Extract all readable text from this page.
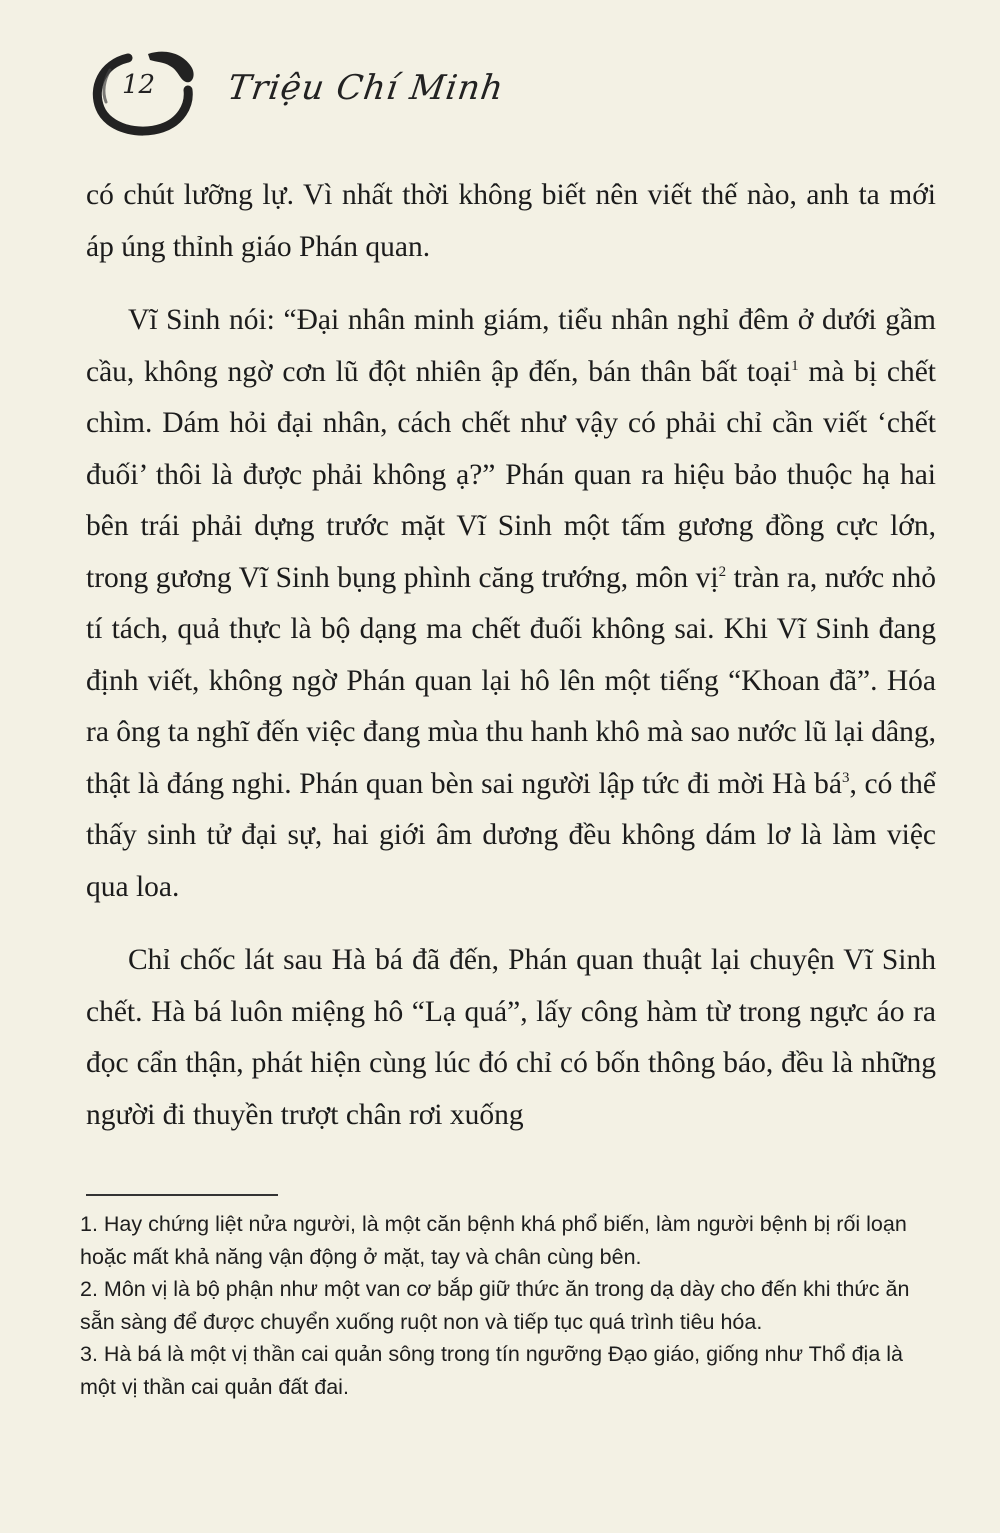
12 Triệu Chí Minh

có chút lưỡng lự. Vì nhất thời không biết nên viết thế nào, anh ta mới áp úng thỉnh giáo Phán quan.

Vĩ Sinh nói: “Đại nhân minh giám, tiểu nhân nghỉ đêm ở dưới gầm cầu, không ngờ cơn lũ đột nhiên ập đến, bán thân bất toại$^1$ mà bị chết chìm. Dám hỏi đại nhân, cách chết như vậy có phải chỉ cần viết ‘chết đuối’ thôi là được phải không ạ?” Phán quan ra hiệu bảo thuộc hạ hai bên trái phải dựng trước mặt Vĩ Sinh một tấm gương đồng cực lớn, trong gương Vĩ Sinh bụng phình căng trướng, môn vị$^2$ tràn ra, nước nhỏ tí tách, quả thực là bộ dạng ma chết đuối không sai. Khi Vĩ Sinh đang định viết, không ngờ Phán quan lại hô lên một tiếng “Khoan đã”. Hóa ra ông ta nghĩ đến việc đang mùa thu hanh khô mà sao nước lũ lại dâng, thật là đáng nghi. Phán quan bèn sai người lập tức đi mời Hà $bá^3$, có thể thấy sinh tử đại sự, hai giới âm dương đều không dám lơ là làm việc qua loa.

Chỉ chốc lát sau Hà bá đã đến, Phán quan thuật lại chuyện Vĩ Sinh chết. Hà bá luôn miệng hô “Lạ quá”, lấy công hàm từ trong ngực áo ra đọc cẩn thận, phát hiện cùng lúc đó chỉ có bốn thông báo, đều là những người đi thuyền trượt chân rơi xuống

1. Hay chứng liệt nửa người, là một căn bệnh khá phổ biến, làm người bệnh bị rối loạn hoặc mất khả năng vận động ở mặt, tay và chân cùng bên.

2. Môn vị là bộ phận như một van cơ bắp giữ thức ăn trong dạ dày cho đến khi thức ăn sẵn sàng để được chuyển xuống ruột non và tiếp tục quá trình tiêu hóa.

3. Hà bá là một vị thần cai quản sông trong tín ngưỡng Đạo giáo, giống như Thổ địa là một vị thần cai quản đất đai.
